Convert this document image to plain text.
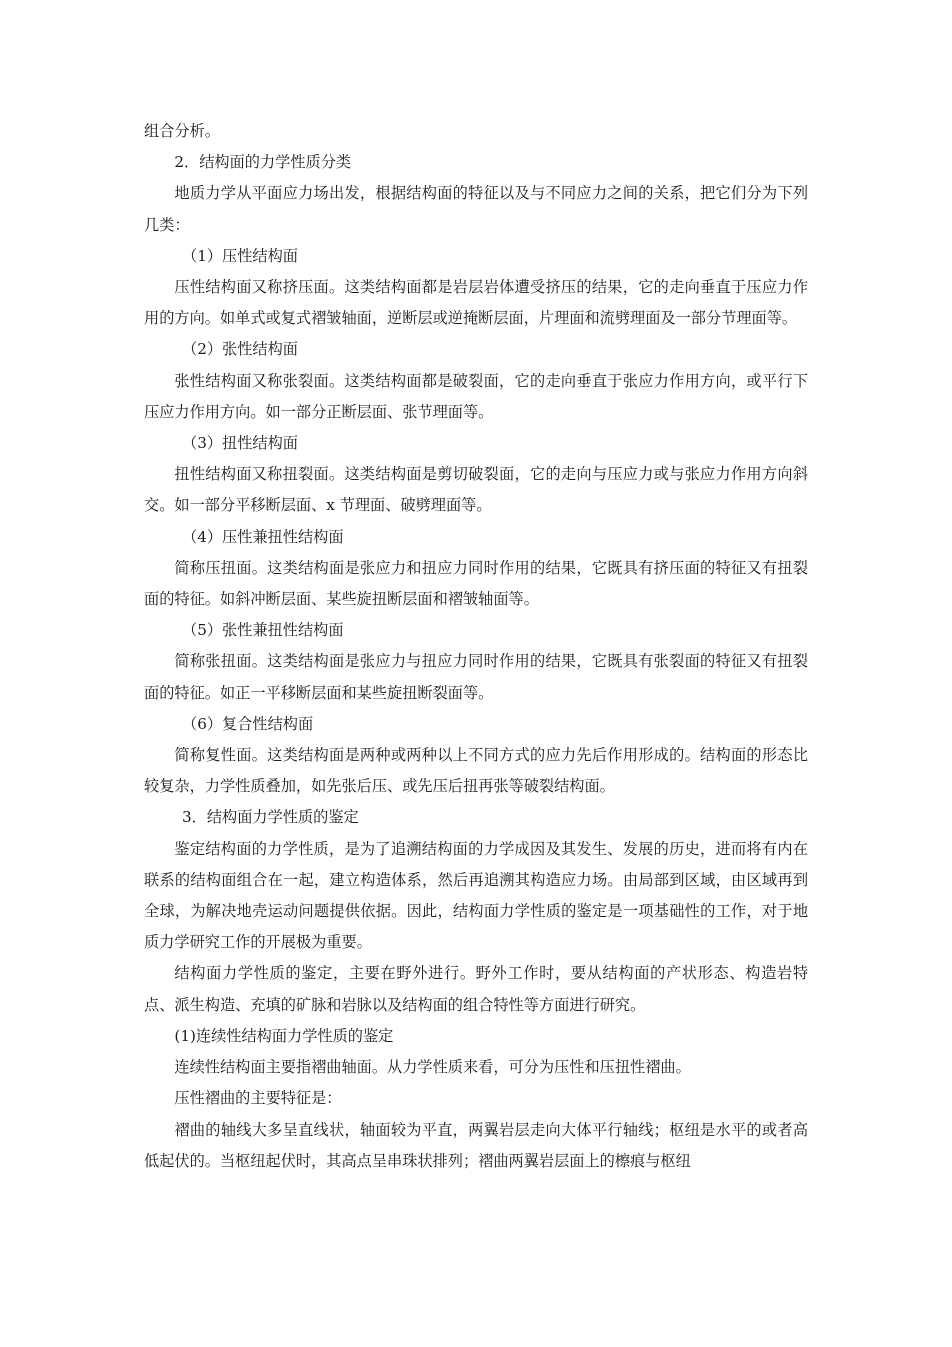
组合分析。

2．结构面的力学性质分类

地质力学从平面应力场出发，根据结构面的特征以及与不同应力之间的关系，把它们分为下列几类：

（1）压性结构面

压性结构面又称挤压面。这类结构面都是岩层岩体遭受挤压的结果，它的走向垂直于压应力作用的方向。如单式或复式褶皱轴面，逆断层或逆掩断层面，片理面和流劈理面及一部分节理面等。

（2）张性结构面

张性结构面又称张裂面。这类结构面都是破裂面，它的走向垂直于张应力作用方向，或平行下压应力作用方向。如一部分正断层面、张节理面等。

（3）扭性结构面

扭性结构面又称扭裂面。这类结构面是剪切破裂面，它的走向与压应力或与张应力作用方向斜交。如一部分平移断层面、x 节理面、破劈理面等。

（4）压性兼扭性结构面

简称压扭面。这类结构面是张应力和扭应力同时作用的结果，它既具有挤压面的特征又有扭裂面的特征。如斜冲断层面、某些旋扭断层面和褶皱轴面等。

（5）张性兼扭性结构面

简称张扭面。这类结构面是张应力与扭应力同时作用的结果，它既具有张裂面的特征又有扭裂面的特征。如正一平移断层面和某些旋扭断裂面等。

（6）复合性结构面

简称复性面。这类结构面是两种或两种以上不同方式的应力先后作用形成的。结构面的形态比较复杂，力学性质叠加，如先张后压、或先压后扭再张等破裂结构面。

3．结构面力学性质的鉴定

鉴定结构面的力学性质，是为了追溯结构面的力学成因及其发生、发展的历史，进而将有内在联系的结构面组合在一起，建立构造体系，然后再追溯其构造应力场。由局部到区域，由区域再到全球，为解决地壳运动问题提供依据。因此，结构面力学性质的鉴定是一项基础性的工作，对于地质力学研究工作的开展极为重要。

结构面力学性质的鉴定，主要在野外进行。野外工作时，要从结构面的产状形态、构造岩特点、派生构造、充填的矿脉和岩脉以及结构面的组合特性等方面进行研究。

(1)连续性结构面力学性质的鉴定

连续性结构面主要指褶曲轴面。从力学性质来看，可分为压性和压扭性褶曲。

压性褶曲的主要特征是：

褶曲的轴线大多呈直线状，轴面较为平直，两翼岩层走向大体平行轴线；枢纽是水平的或者高低起伏的。当枢纽起伏时，其高点呈串珠状排列；褶曲两翼岩层面上的檫痕与枢纽
